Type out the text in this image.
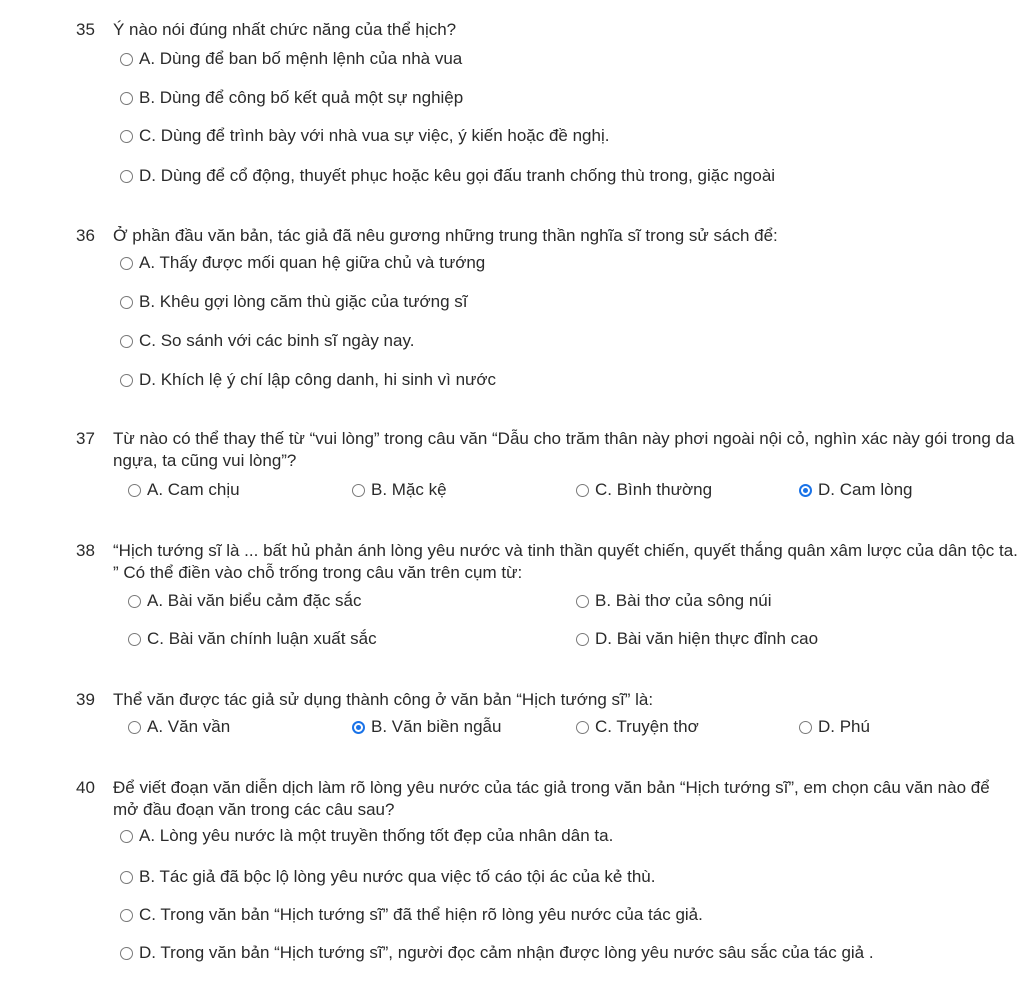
35 Ý nào nói đúng nhất chức năng của thể hịch?
A. Dùng để ban bố mệnh lệnh của nhà vua
B. Dùng để công bố kết quả một sự nghiệp
C. Dùng để trình bày với nhà vua sự việc, ý kiến hoặc đề nghị.
D. Dùng để cổ động, thuyết phục hoặc kêu gọi đấu tranh chống thù trong, giặc ngoài
36 Ở phần đầu văn bản, tác giả đã nêu gương những trung thần nghĩa sĩ trong sử sách để:
A. Thấy được mối quan hệ giữa chủ và tướng
B. Khêu gợi lòng căm thù giặc của tướng sĩ
C. So sánh với các binh sĩ ngày nay.
D. Khích lệ ý chí lập công danh, hi sinh vì nước
37 Từ nào có thể thay thế từ “vui lòng” trong câu văn “Dẫu cho trăm thân này phơi ngoài nội cỏ, nghìn xác này gói trong da ngựa, ta cũng vui lòng”?
A. Cam chịu	B. Mặc kệ	C. Bình thường	D. Cam lòng
38 “Hịch tướng sĩ là ... bất hủ phản ánh lòng yêu nước và tinh thần quyết chiến, quyết thắng quân xâm lược của dân tộc ta. ” Có thể điền vào chỗ trống trong câu văn trên cụm từ:
A. Bài văn biểu cảm đặc sắc	B. Bài thơ của sông núi
C. Bài văn chính luận xuất sắc	D. Bài văn hiện thực đỉnh cao
39 Thể văn được tác giả sử dụng thành công ở văn bản “Hịch tướng sĩ” là:
A. Văn vần	B. Văn biền ngẫu	C. Truyện thơ	D. Phú
40 Để viết đoạn văn diễn dịch làm rõ lòng yêu nước của tác giả trong văn bản “Hịch tướng sĩ”, em chọn câu văn nào để mở đầu đoạn văn trong các câu sau?
A. Lòng yêu nước là một truyền thống tốt đẹp của nhân dân ta.
B. Tác giả đã bộc lộ lòng yêu nước qua việc tố cáo tội ác của kẻ thù.
C. Trong văn bản “Hịch tướng sĩ” đã thể hiện rõ lòng yêu nước của tác giả.
D. Trong văn bản “Hịch tướng sĩ”, người đọc cảm nhận được lòng yêu nước sâu sắc của tác giả .
